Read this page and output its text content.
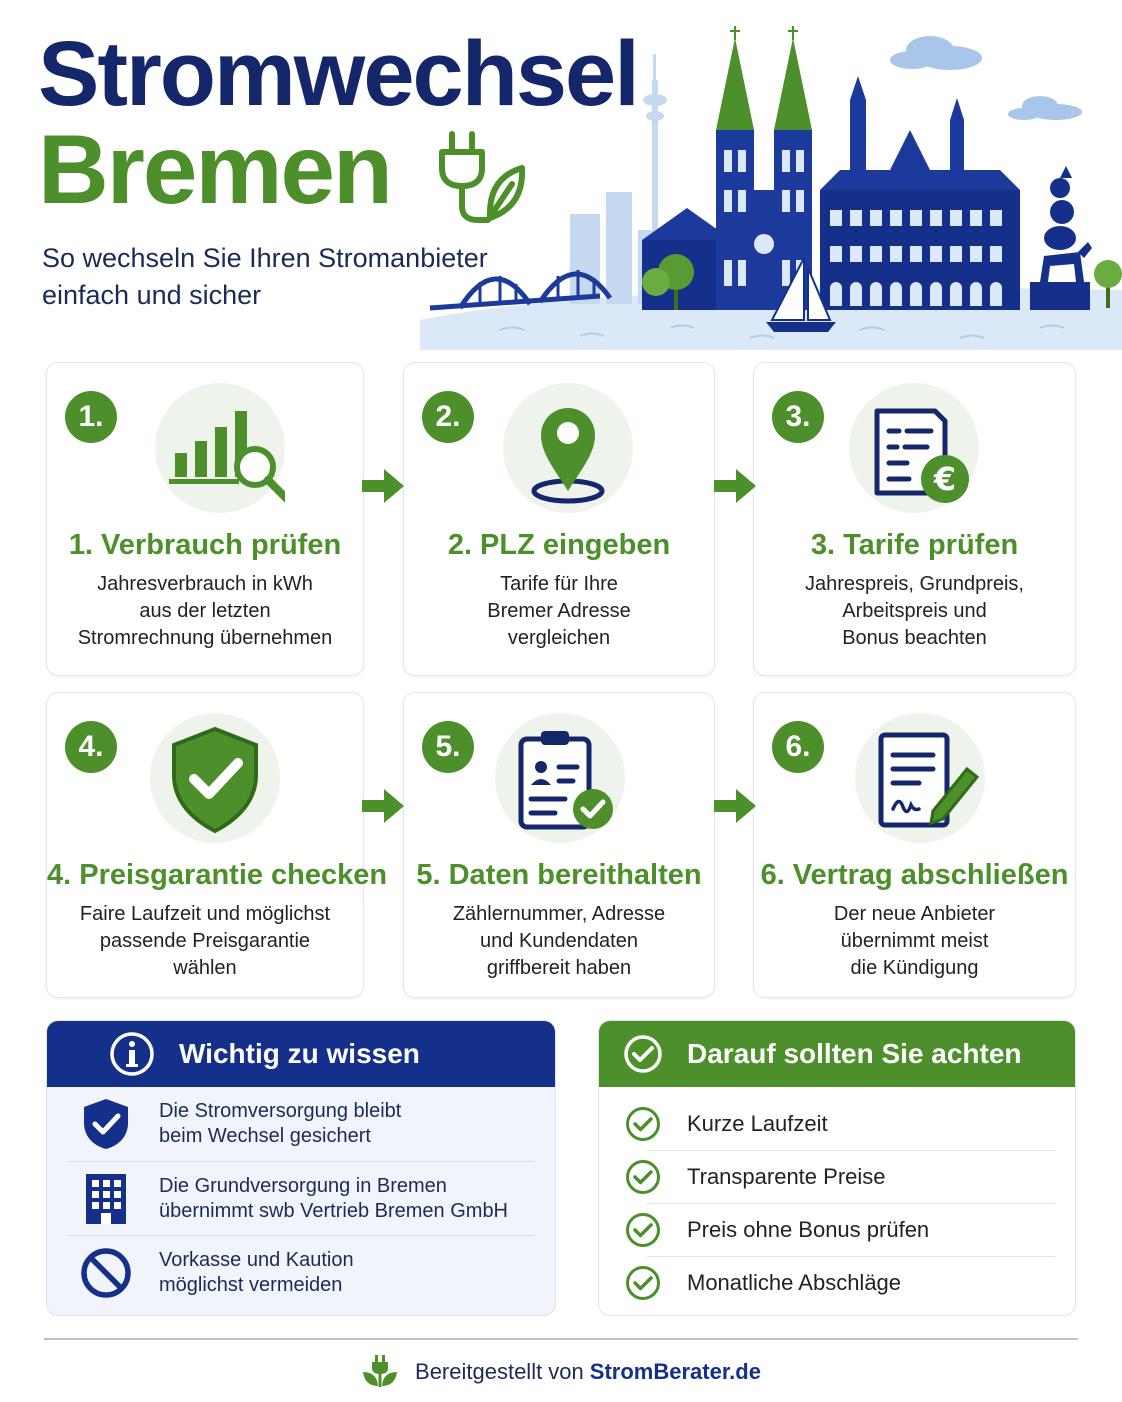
Stromwechsel
Bremen
So wechseln Sie Ihren Stromanbieter
einfach und sicher
1.
1. Verbrauch prüfen
Jahresverbrauch in kWh
aus der letzten
Stromrechnung übernehmen
2.
2. PLZ eingeben
Tarife für Ihre
Bremer Adresse
vergleichen
3.
€
3. Tarife prüfen
Jahrespreis, Grundpreis,
Arbeitspreis und
Bonus beachten
4.
4. Preisgarantie checken
Faire Laufzeit und möglichst
passende Preisgarantie
wählen
5.
5. Daten bereithalten
Zählernummer, Adresse
und Kundendaten
griffbereit haben
6.
6. Vertrag abschließen
Der neue Anbieter
übernimmt meist
die Kündigung
Wichtig zu wissen
Die Stromversorgung bleibt
beim Wechsel gesichert
Die Grundversorgung in Bremen
übernimmt swb Vertrieb Bremen GmbH
Vorkasse und Kaution
möglichst vermeiden
Darauf sollten Sie achten
Kurze Laufzeit
Transparente Preise
Preis ohne Bonus prüfen
Monatliche Abschläge
Bereitgestellt von StromBerater.de
